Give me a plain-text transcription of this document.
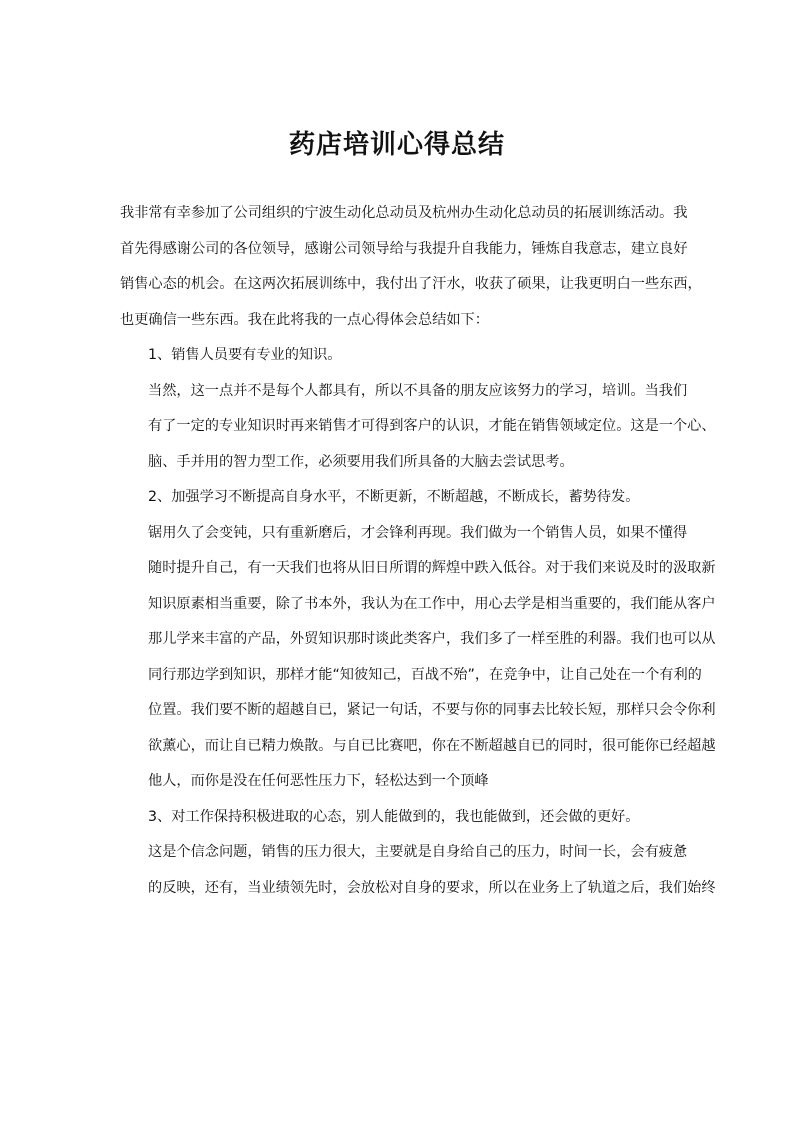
药店培训心得总结
我非常有幸参加了公司组织的宁波生动化总动员及杭州办生动化总动员的拓展训练活动。我
首先得感谢公司的各位领导，感谢公司领导给与我提升自我能力，锤炼自我意志，建立良好
销售心态的机会。在这两次拓展训练中，我付出了汗水，收获了硕果，让我更明白一些东西，
也更确信一些东西。我在此将我的一点心得体会总结如下：
1、销售人员要有专业的知识。
当然，这一点并不是每个人都具有，所以不具备的朋友应该努力的学习，培训。当我们
有了一定的专业知识时再来销售才可得到客户的认识，才能在销售领域定位。这是一个心、
脑、手并用的智力型工作，必须要用我们所具备的大脑去尝试思考。
2、加强学习不断提高自身水平，不断更新，不断超越，不断成长，蓄势待发。
锯用久了会变钝，只有重新磨后，才会锋利再现。我们做为一个销售人员，如果不懂得
随时提升自己，有一天我们也将从旧日所谓的辉煌中跌入低谷。对于我们来说及时的汲取新
知识原素相当重要，除了书本外，我认为在工作中，用心去学是相当重要的，我们能从客户
那儿学来丰富的产品，外贸知识那时谈此类客户，我们多了一样至胜的利器。我们也可以从
同行那边学到知识，那样才能“知彼知己，百战不殆”，在竞争中，让自己处在一个有利的
位置。我们要不断的超越自已，紧记一句话，不要与你的同事去比较长短，那样只会令你利
欲薰心，而让自已精力焕散。与自已比赛吧，你在不断超越自已的同时，很可能你已经超越
他人，而你是没在任何恶性压力下，轻松达到一个顶峰
3、对工作保持积极进取的心态，别人能做到的，我也能做到，还会做的更好。
这是个信念问题，销售的压力很大，主要就是自身给自己的压力，时间一长，会有疲惫
的反映，还有，当业绩领先时，会放松对自身的要求，所以在业务上了轨道之后，我们始终
